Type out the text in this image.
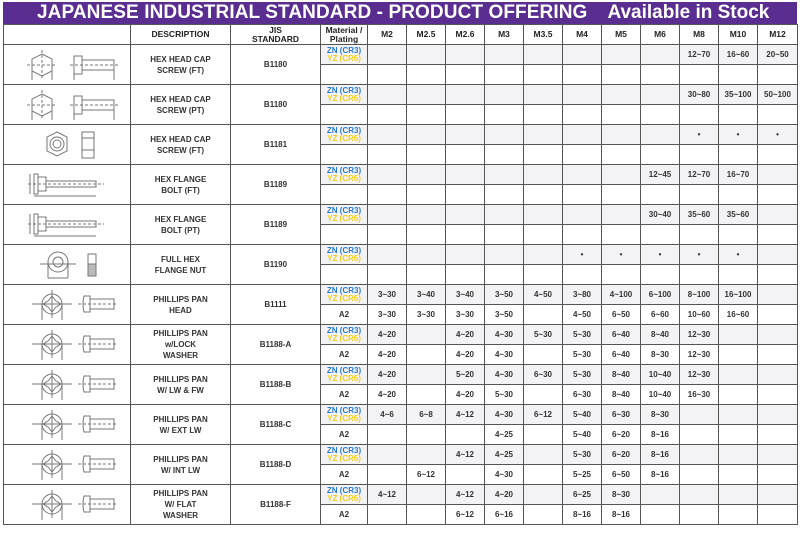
JAPANESE INDUSTRIAL STANDARD - PRODUCT OFFERING Available in Stock
	DESCRIPTION	JIS
STANDARD	Material /
Plating	M2	M2.5	M2.6	M3	M3.5	M4	M5	M6	M8	M10	M12

	HEX HEAD CAP
SCREW (FT)	B1180	ZN (CR3)
YZ (CR6)									12~70	16~60	20~50

	HEX HEAD CAP
SCREW (PT)	B1180	ZN (CR3)
YZ (CR6)									30~80	35~100	50~100

	HEX HEAD CAP
SCREW (FT)	B1181	ZN (CR3)
YZ (CR6)									•	•	•

	HEX FLANGE
BOLT (FT)	B1189	ZN (CR3)
YZ (CR6)								12~45	12~70	16~70	

	HEX FLANGE
BOLT (PT)	B1189	ZN (CR3)
YZ (CR6)								30~40	35~60	35~60	

	FULL HEX
FLANGE NUT	B1190	ZN (CR3)
YZ (CR6)						•	•	•	•	•	

	PHILLIPS PAN
HEAD	B1111	ZN (CR3)
YZ (CR6)	3~30	3~40	3~40	3~50	4~50	3~80	4~100	6~100	8~100	16~100	
			A2	3~30	3~30	3~30	3~50		4~50	6~50	6~60	10~60	16~60	

	PHILLIPS PAN
w/LOCK
WASHER	B1188-A	ZN (CR3)
YZ (CR6)	4~20		4~20	4~30	5~30	5~30	6~40	8~40	12~30		
			A2	4~20		4~20	4~30		5~30	6~40	8~30	12~30		

	PHILLIPS PAN
W/ LW & FW	B1188-B	ZN (CR3)
YZ (CR6)	4~20		5~20	4~30	6~30	5~30	8~40	10~40	12~30		
			A2	4~20		4~20	5~30		6~30	8~40	10~40	16~30		

	PHILLIPS PAN
W/ EXT LW	B1188-C	ZN (CR3)
YZ (CR6)	4~6	6~8	4~12	4~30	6~12	5~40	6~30	8~30			
			A2				4~25		5~40	6~20	8~16			

	PHILLIPS PAN
W/ INT LW	B1188-D	ZN (CR3)
YZ (CR6)			4~12	4~25		5~30	6~20	8~16			
			A2		6~12		4~30		5~25	6~50	8~16			

	PHILLIPS PAN
W/ FLAT
WASHER	B1188-F	ZN (CR3)
YZ (CR6)	4~12		4~12	4~20		6~25	8~30				
			A2			6~12	6~16		8~16	8~16				
